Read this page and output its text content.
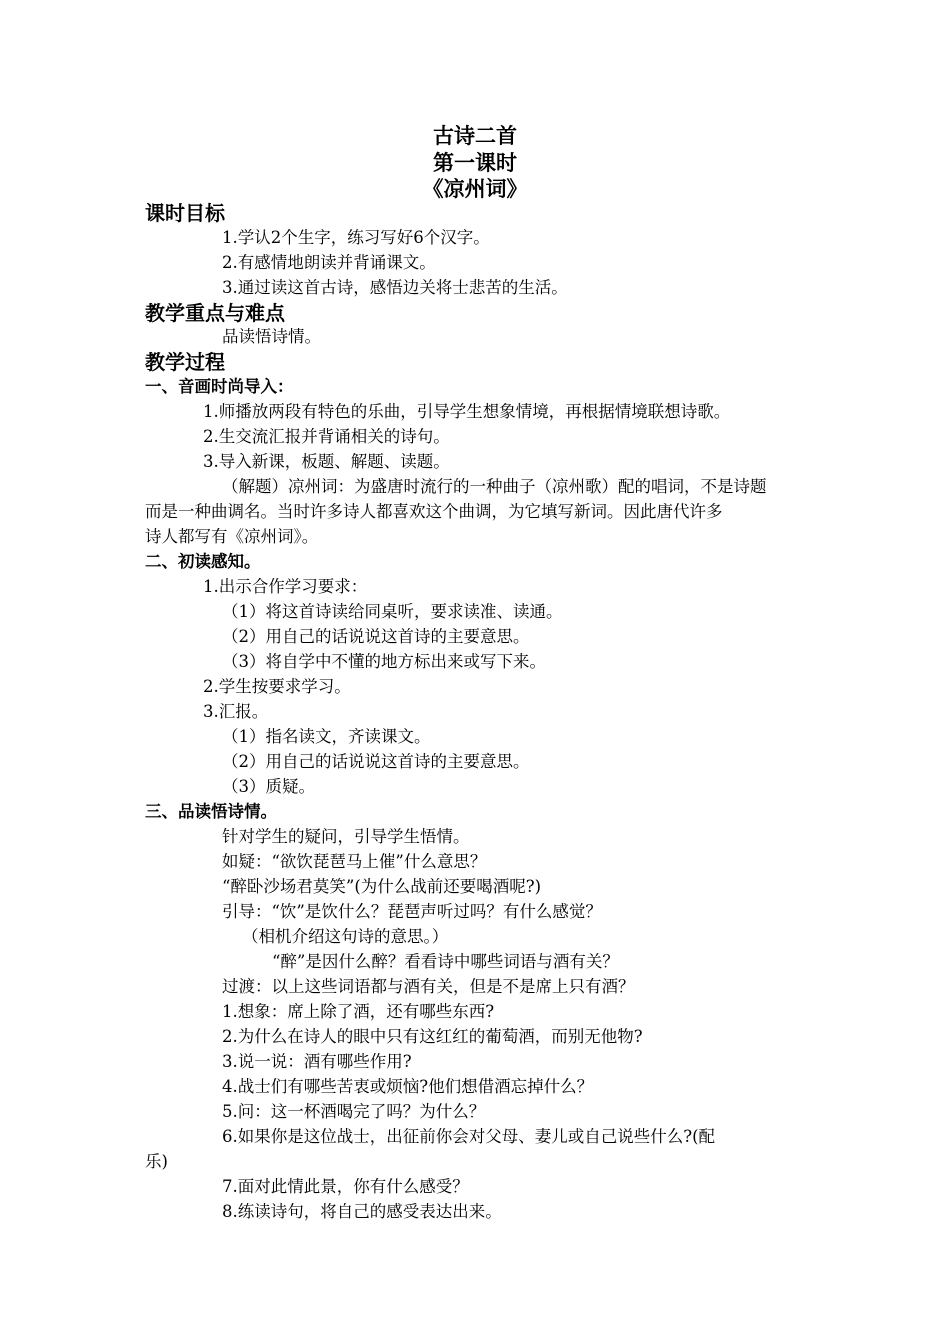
古诗二首
第一课时
《凉州词》
课时目标
1.学认2个生字，练习写好6个汉字。
2.有感情地朗读并背诵课文。
3.通过读这首古诗，感悟边关将士悲苦的生活。
教学重点与难点
品读悟诗情。
教学过程
一、音画时尚导入：
1.师播放两段有特色的乐曲，引导学生想象情境，再根据情境联想诗歌。
2.生交流汇报并背诵相关的诗句。
3.导入新课，板题、解题、读题。
（解题）凉州词：为盛唐时流行的一种曲子（凉州歌）配的唱词，不是诗题
而是一种曲调名。当时许多诗人都喜欢这个曲调，为它填写新词。因此唐代许多
诗人都写有《凉州词》。
二、初读感知。
1.出示合作学习要求：
（1）将这首诗读给同桌听，要求读准、读通。
（2）用自己的话说说这首诗的主要意思。
（3）将自学中不懂的地方标出来或写下来。
2.学生按要求学习。
3.汇报。
（1）指名读文，齐读课文。
（2）用自己的话说说这首诗的主要意思。
（3）质疑。
三、品读悟诗情。
针对学生的疑问，引导学生悟情。
如疑：“欲饮琵琶马上催”什么意思？
“醉卧沙场君莫笑”(为什么战前还要喝酒呢?)
引导：“饮”是饮什么？琵琶声听过吗？有什么感觉？
（相机介绍这句诗的意思。）
“醉”是因什么醉？看看诗中哪些词语与酒有关？
过渡：以上这些词语都与酒有关，但是不是席上只有酒？
1.想象：席上除了酒，还有哪些东西?
2.为什么在诗人的眼中只有这红红的葡萄酒，而别无他物?
3.说一说：酒有哪些作用?
4.战士们有哪些苦衷或烦恼?他们想借酒忘掉什么？
5.问：这一杯酒喝完了吗？为什么？
6.如果你是这位战士，出征前你会对父母、妻儿或自己说些什么?(配
乐)
7.面对此情此景，你有什么感受？
8.练读诗句，将自己的感受表达出来。
